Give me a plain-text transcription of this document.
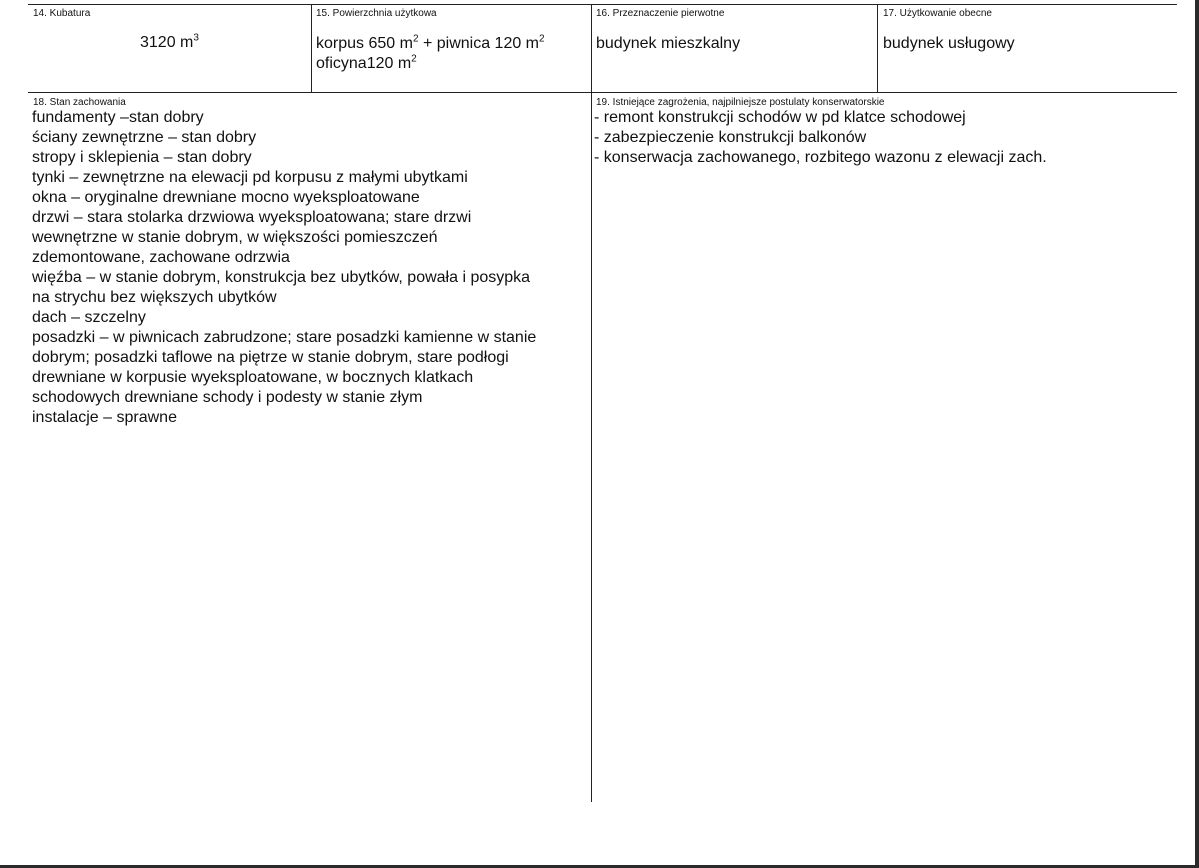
14. Kubatura
3120 $m^3$
15. Powierzchnia użytkowa
korpus 650 $m^2$ + piwnica 120 $m^2$
oficyna120 $m^2$
16. Przeznaczenie pierwotne
budynek mieszkalny
17. Użytkowanie obecne
budynek usługowy
18. Stan zachowania
fundamenty –stan dobry
ściany zewnętrzne – stan dobry
stropy i sklepienia – stan dobry
tynki – zewnętrzne na elewacji pd korpusu z małymi ubytkami
okna – oryginalne drewniane mocno wyeksploatowane
drzwi – stara stolarka drzwiowa wyeksploatowana; stare drzwi
wewnętrzne w stanie dobrym, w większości pomieszczeń
zdemontowane, zachowane odrzwia
więźba – w stanie dobrym, konstrukcja bez ubytków, powała i posypka
na strychu bez większych ubytków
dach – szczelny
posadzki – w piwnicach zabrudzone; stare posadzki kamienne w stanie
dobrym; posadzki taflowe na piętrze w stanie dobrym, stare podłogi
drewniane w korpusie wyeksploatowane, w bocznych klatkach
schodowych drewniane schody i podesty w stanie złym
instalacje – sprawne
19. Istniejące zagrożenia, najpilniejsze postulaty konserwatorskie
- remont konstrukcji schodów w pd klatce schodowej
- zabezpieczenie konstrukcji balkonów
- konserwacja zachowanego, rozbitego wazonu z elewacji zach.
